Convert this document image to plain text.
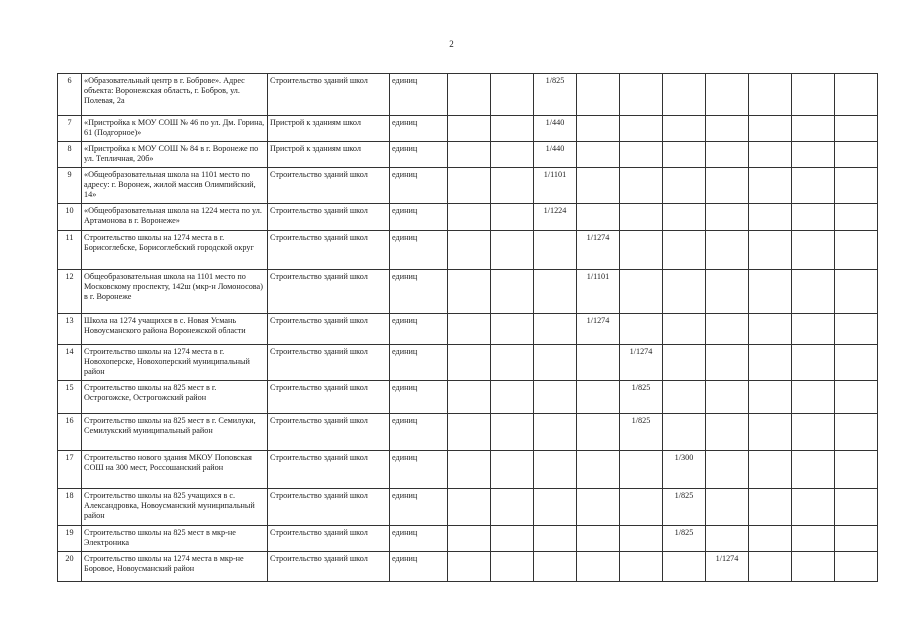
2
6	«Образовательный центр в г. Боброве». Адрес объекта: Воронежская область, г. Бобров, ул. Полевая, 2а	Строительство зданий школ	единиц			1/825							
7	«Пристройка к МОУ СОШ № 46 по ул. Дм. Горина, 61 (Подгорное)»	Пристрой к зданиям школ	единиц			1/440							
8	«Пристройка к МОУ СОШ № 84 в г. Воронеже по ул. Тепличная, 20б»	Пристрой к зданиям школ	единиц			1/440							
9	«Общеобразовательная школа на 1101 место по адресу: г. Воронеж, жилой массив Олимпийский, 14»	Строительство зданий школ	единиц			1/1101							
10	«Общеобразовательная школа на 1224 места по ул. Артамонова в г. Воронеже»	Строительство зданий школ	единиц			1/1224							
11	Строительство школы на 1274 места в г. Борисоглебске, Борисоглебский городской округ	Строительство зданий школ	единиц				1/1274						
12	Общеобразовательная школа на 1101 место по Московскому проспекту, 142ш (мкр-н Ломоносова) в г. Воронеже	Строительство зданий школ	единиц				1/1101						
13	Школа на 1274 учащихся в с. Новая Усмань Новоусманского района Воронежской области	Строительство зданий школ	единиц				1/1274						
14	Строительство школы на 1274 места в г. Новохоперске, Новохоперский муниципальный район	Строительство зданий школ	единиц					1/1274					
15	Строительство школы на 825 мест в г. Острогожске, Острогожский район	Строительство зданий школ	единиц					1/825					
16	Строительство школы на 825 мест в г. Семилуки, Семилукский муниципальный район	Строительство зданий школ	единиц					1/825					
17	Строительство нового здания МКОУ Поповская СОШ на 300 мест, Россошанский район	Строительство зданий школ	единиц						1/300				
18	Строительство школы на 825 учащихся в с. Александровка, Новоусманский муниципальный район	Строительство зданий школ	единиц						1/825				
19	Строительство школы на 825 мест в мкр-не Электроника	Строительство зданий школ	единиц						1/825				
20	Строительство школы на 1274 места в мкр-не Боровое, Новоусманский район	Строительство зданий школ	единиц							1/1274			
